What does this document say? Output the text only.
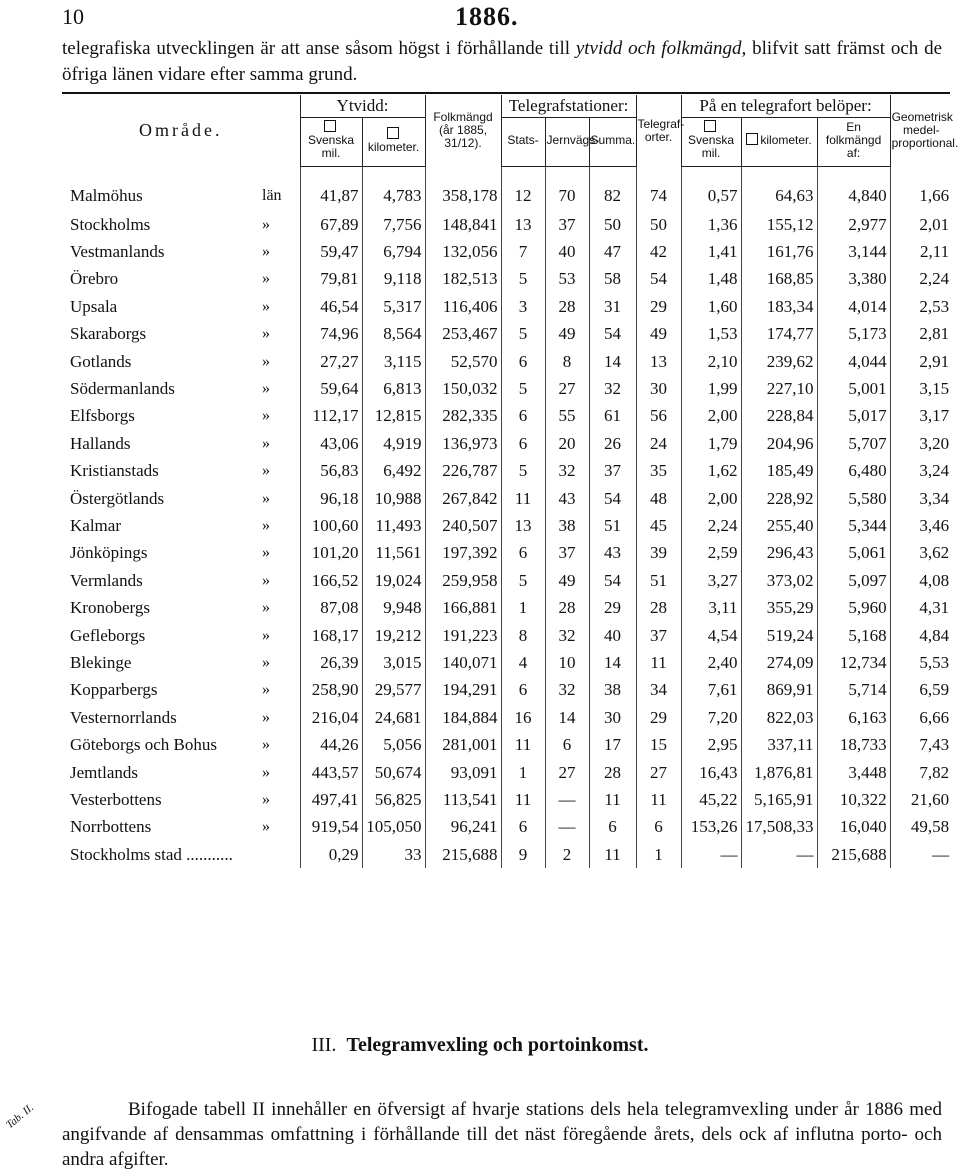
10	1886.
telegrafiska utvecklingen är att anse såsom högst i förhållande till ytvidd och folkmängd, blifvit satt främst och de öfriga länen vidare efter samma grund.
Område.		Ytvidd:		Folkmängd (år 1885, 31/12).	Telegrafstationer:			Telegraf-orter.	På en telegrafort belöper:			Geometrisk medel-proportional.
		Svenska mil.	kilometer.		Stats-	Jernvägs-	Summa.		Svenska mil.	kilometer.	En folkmängd af:	
Malmöhus	län	41,87	4,783	358,178	12	70	82	74	0,57	64,63	4,840	1,66
Stockholms	»	67,89	7,756	148,841	13	37	50	50	1,36	155,12	2,977	2,01
Vestmanlands	»	59,47	6,794	132,056	7	40	47	42	1,41	161,76	3,144	2,11
Örebro	»	79,81	9,118	182,513	5	53	58	54	1,48	168,85	3,380	2,24
Upsala	»	46,54	5,317	116,406	3	28	31	29	1,60	183,34	4,014	2,53
Skaraborgs	»	74,96	8,564	253,467	5	49	54	49	1,53	174,77	5,173	2,81
Gotlands	»	27,27	3,115	52,570	6	8	14	13	2,10	239,62	4,044	2,91
Södermanlands	»	59,64	6,813	150,032	5	27	32	30	1,99	227,10	5,001	3,15
Elfsborgs	»	112,17	12,815	282,335	6	55	61	56	2,00	228,84	5,017	3,17
Hallands	»	43,06	4,919	136,973	6	20	26	24	1,79	204,96	5,707	3,20
Kristianstads	»	56,83	6,492	226,787	5	32	37	35	1,62	185,49	6,480	3,24
Östergötlands	»	96,18	10,988	267,842	11	43	54	48	2,00	228,92	5,580	3,34
Kalmar	»	100,60	11,493	240,507	13	38	51	45	2,24	255,40	5,344	3,46
Jönköpings	»	101,20	11,561	197,392	6	37	43	39	2,59	296,43	5,061	3,62
Vermlands	»	166,52	19,024	259,958	5	49	54	51	3,27	373,02	5,097	4,08
Kronobergs	»	87,08	9,948	166,881	1	28	29	28	3,11	355,29	5,960	4,31
Gefleborgs	»	168,17	19,212	191,223	8	32	40	37	4,54	519,24	5,168	4,84
Blekinge	»	26,39	3,015	140,071	4	10	14	11	2,40	274,09	12,734	5,53
Kopparbergs	»	258,90	29,577	194,291	6	32	38	34	7,61	869,91	5,714	6,59
Vesternorrlands	»	216,04	24,681	184,884	16	14	30	29	7,20	822,03	6,163	6,66
Göteborgs och Bohus	»	44,26	5,056	281,001	11	6	17	15	2,95	337,11	18,733	7,43
Jemtlands	»	443,57	50,674	93,091	1	27	28	27	16,43	1,876,81	3,448	7,82
Vesterbottens	»	497,41	56,825	113,541	11	—	11	11	45,22	5,165,91	10,322	21,60
Norrbottens	»	919,54	105,050	96,241	6	—	6	6	153,26	17,508,33	16,040	49,58
Stockholms stad ...........		0,29	33	215,688	9	2	11	1	—	—	215,688	—
III. Telegramvexling och portoinkomst.
Bifogade tabell II innehåller en öfversigt af hvarje stations dels hela telegramvexling under år 1886 med angifvande af densammas omfattning i förhållande till det näst föregående årets, dels ock af influtna porto- och andra afgifter.
Tab. II.
